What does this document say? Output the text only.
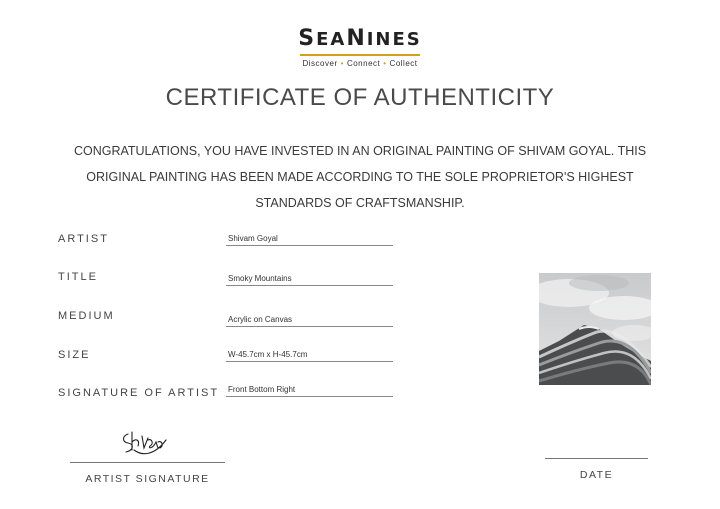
SEANINES
Discover • Connect • Collect
CERTIFICATE OF AUTHENTICITY
CONGRATULATIONS, YOU HAVE INVESTED IN AN ORIGINAL PAINTING OF SHIVAM GOYAL. THIS ORIGINAL PAINTING HAS BEEN MADE ACCORDING TO THE SOLE PROPRIETOR'S HIGHEST STANDARDS OF CRAFTSMANSHIP.
ARTIST	Shivam Goyal
TITLE	Smoky Mountains
MEDIUM	Acrylic on Canvas
SIZE	W-45.7cm x H-45.7cm
SIGNATURE OF ARTIST Front Bottom Right
ARTIST SIGNATURE	DATE
